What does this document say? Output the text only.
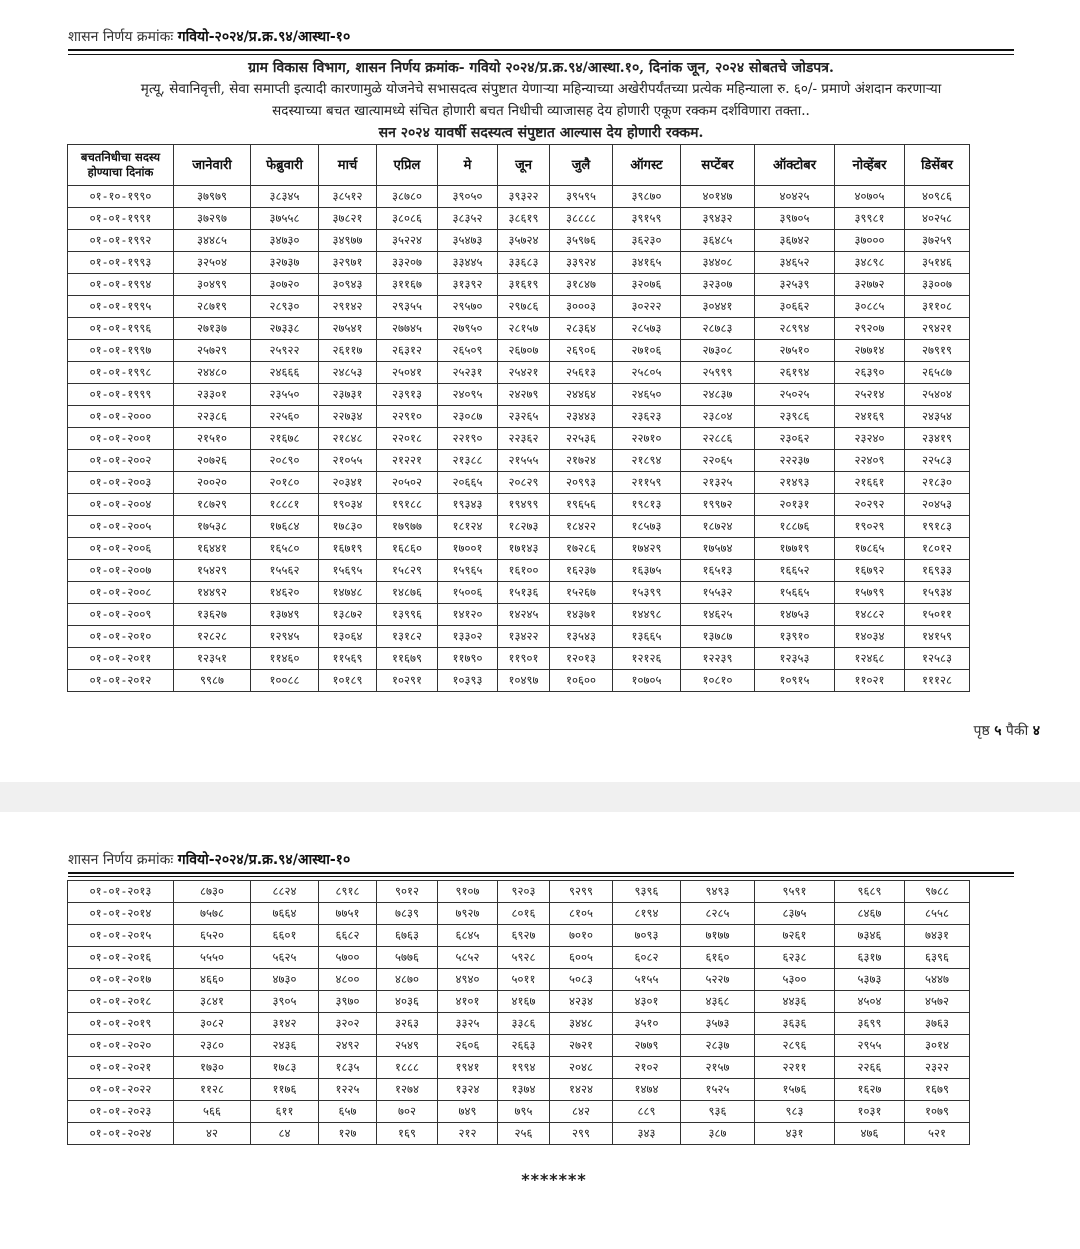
शासन निर्णय क्रमांकः गवियो-२०२४/प्र.क्र.९४/आस्था-१०
ग्राम विकास विभाग, शासन निर्णय क्रमांक- गवियो २०२४/प्र.क्र.९४/आस्था.१०, दिनांक जून, २०२४ सोबतचे जोडपत्र.
मृत्यू, सेवानिवृत्ती, सेवा समाप्ती इत्यादी कारणामुळे योजनेचे सभासदत्व संपुष्टात येणाऱ्या महिन्याच्या अखेरीपर्यंतच्या प्रत्येक महिन्याला रु. ६०/- प्रमाणे अंशदान करणाऱ्या
सदस्याच्या बचत खात्यामध्ये संचित होणारी बचत निधीची व्याजासह देय होणारी एकूण रक्कम दर्शविणारा तक्ता..
सन २०२४ यावर्षी सदस्यत्व संपुष्टात आल्यास देय होणारी रक्कम.
बचतनिधीचा सदस्य होण्याचा दिनांक	जानेवारी	फेब्रुवारी	मार्च	एप्रिल	मे	जून	जुलै	ऑगस्ट	सप्टेंबर	ऑक्टोबर	नोव्हेंबर	डिसेंबर
०१-१०-१९९०	३७९७९	३८३४५	३८५१२	३८७८०	३९०५०	३९३२२	३९५९५	३९८७०	४०१४७	४०४२५	४०७०५	४०९८६
०१-०१-१९९१	३७२९७	३७५५८	३७८२१	३८०८६	३८३५२	३८६१९	३८८८८	३९१५९	३९४३२	३९७०५	३९९८१	४०२५८
०१-०१-१९९२	३४४८५	३४७३०	३४९७७	३५२२४	३५४७३	३५७२४	३५९७६	३६२३०	३६४८५	३६७४२	३७०००	३७२५९
०१-०१-१९९३	३२५०४	३२७३७	३२९७१	३३२०७	३३४४५	३३६८३	३३९२४	३४१६५	३४४०८	३४६५२	३४८९८	३५१४६
०१-०१-१९९४	३०४९९	३०७२०	३०९४३	३११६७	३१३९२	३१६१९	३१८४७	३२०७६	३२३०७	३२५३९	३२७७२	३३००७
०१-०१-१९९५	२८७१९	२८९३०	२९१४२	२९३५५	२९५७०	२९७८६	३०००३	३०२२२	३०४४१	३०६६२	३०८८५	३११०८
०१-०१-१९९६	२७१३७	२७३३८	२७५४१	२७७४५	२७९५०	२८१५७	२८३६४	२८५७३	२८७८३	२८९९४	२९२०७	२९४२१
०१-०१-१९९७	२५७२९	२५९२२	२६११७	२६३१२	२६५०९	२६७०७	२६९०६	२७१०६	२७३०८	२७५१०	२७७१४	२७९१९
०१-०१-१९९८	२४४८०	२४६६६	२४८५३	२५०४१	२५२३१	२५४२१	२५६१३	२५८०५	२५९९९	२६१९४	२६३९०	२६५८७
०१-०१-१९९९	२३३०१	२३५५०	२३७३१	२३९१३	२४०९५	२४२७९	२४४६४	२४६५०	२४८३७	२५०२५	२५२१४	२५४०४
०१-०१-२०००	२२३८६	२२५६०	२२७३४	२२९१०	२३०८७	२३२६५	२३४४३	२३६२३	२३८०४	२३९८६	२४१६९	२४३५४
०१-०१-२००१	२१५१०	२१६७८	२१८४८	२२०१८	२२१९०	२२३६२	२२५३६	२२७१०	२२८८६	२३०६२	२३२४०	२३४१९
०१-०१-२००२	२०७२६	२०८९०	२१०५५	२१२२१	२१३८८	२१५५५	२१७२४	२१८९४	२२०६५	२२२३७	२२४०९	२२५८३
०१-०१-२००३	२००२०	२०१८०	२०३४१	२०५०२	२०६६५	२०८२९	२०९९३	२११५९	२१३२५	२१४९३	२१६६१	२१८३०
०१-०१-२००४	१८७२९	१८८८१	१९०३४	१९१८८	१९३४३	१९४९९	१९६५६	१९८१३	१९९७२	२०१३१	२०२९२	२०४५३
०१-०१-२००५	१७५३८	१७६८४	१७८३०	१७९७७	१८१२४	१८२७३	१८४२२	१८५७३	१८७२४	१८८७६	१९०२९	१९१८३
०१-०१-२००६	१६४४१	१६५८०	१६७१९	१६८६०	१७००१	१७१४३	१७२८६	१७४२९	१७५७४	१७७१९	१७८६५	१८०१२
०१-०१-२००७	१५४२९	१५५६२	१५६९५	१५८२९	१५९६५	१६१००	१६२३७	१६३७५	१६५१३	१६६५२	१६७९२	१६९३३
०१-०१-२००८	१४४९२	१४६२०	१४७४८	१४८७६	१५००६	१५१३६	१५२६७	१५३९९	१५५३२	१५६६५	१५७९९	१५९३४
०१-०१-२००९	१३६२७	१३७४९	१३८७२	१३९९६	१४१२०	१४२४५	१४३७१	१४४९८	१४६२५	१४७५३	१४८८२	१५०११
०१-०१-२०१०	१२८२८	१२९४५	१३०६४	१३१८२	१३३०२	१३४२२	१३५४३	१३६६५	१३७८७	१३९१०	१४०३४	१४१५९
०१-०१-२०११	१२३५१	११४६०	११५६९	११६७९	११७९०	११९०१	१२०१३	१२१२६	१२२३९	१२३५३	१२४६८	१२५८३
०१-०१-२०१२	९९८७	१००८८	१०१८९	१०२९१	१०३९३	१०४९७	१०६००	१०७०५	१०८१०	१०९१५	११०२१	१११२८
पृष्ठ ५ पैकी ४
शासन निर्णय क्रमांकः गवियो-२०२४/प्र.क्र.९४/आस्था-१०
०१-०१-२०१३	८७३०	८८२४	८९१८	९०१२	९१०७	९२०३	९२९९	९३९६	९४९३	९५९१	९६८९	९७८८
०१-०१-२०१४	७५७८	७६६४	७७५१	७८३९	७९२७	८०१६	८१०५	८१९४	८२८५	८३७५	८४६७	८५५८
०१-०१-२०१५	६५२०	६६०१	६६८२	६७६३	६८४५	६९२७	७०१०	७०९३	७१७७	७२६१	७३४६	७४३१
०१-०१-२०१६	५५५०	५६२५	५७००	५७७६	५८५२	५९२८	६००५	६०८२	६१६०	६२३८	६३१७	६३९६
०१-०१-२०१७	४६६०	४७३०	४८००	४८७०	४९४०	५०११	५०८३	५१५५	५२२७	५३००	५३७३	५४४७
०१-०१-२०१८	३८४१	३९०५	३९७०	४०३६	४१०१	४१६७	४२३४	४३०१	४३६८	४४३६	४५०४	४५७२
०१-०१-२०१९	३०८२	३१४२	३२०२	३२६३	३३२५	३३८६	३४४८	३५१०	३५७३	३६३६	३६९९	३७६३
०१-०१-२०२०	२३८०	२४३६	२४९२	२५४९	२६०६	२६६३	२७२१	२७७९	२८३७	२८९६	२९५५	३०१४
०१-०१-२०२१	१७३०	१७८३	१८३५	१८८८	१९४१	१९९४	२०४८	२१०२	२१५७	२२११	२२६६	२३२२
०१-०१-२०२२	११२८	११७६	१२२५	१२७४	१३२४	१३७४	१४२४	१४७४	१५२५	१५७६	१६२७	१६७९
०१-०१-२०२३	५६६	६११	६५७	७०२	७४९	७९५	८४२	८८९	९३६	९८३	१०३१	१०७९
०१-०१-२०२४	४२	८४	१२७	१६९	२१२	२५६	२९९	३४३	३८७	४३१	४७६	५२१
*******
